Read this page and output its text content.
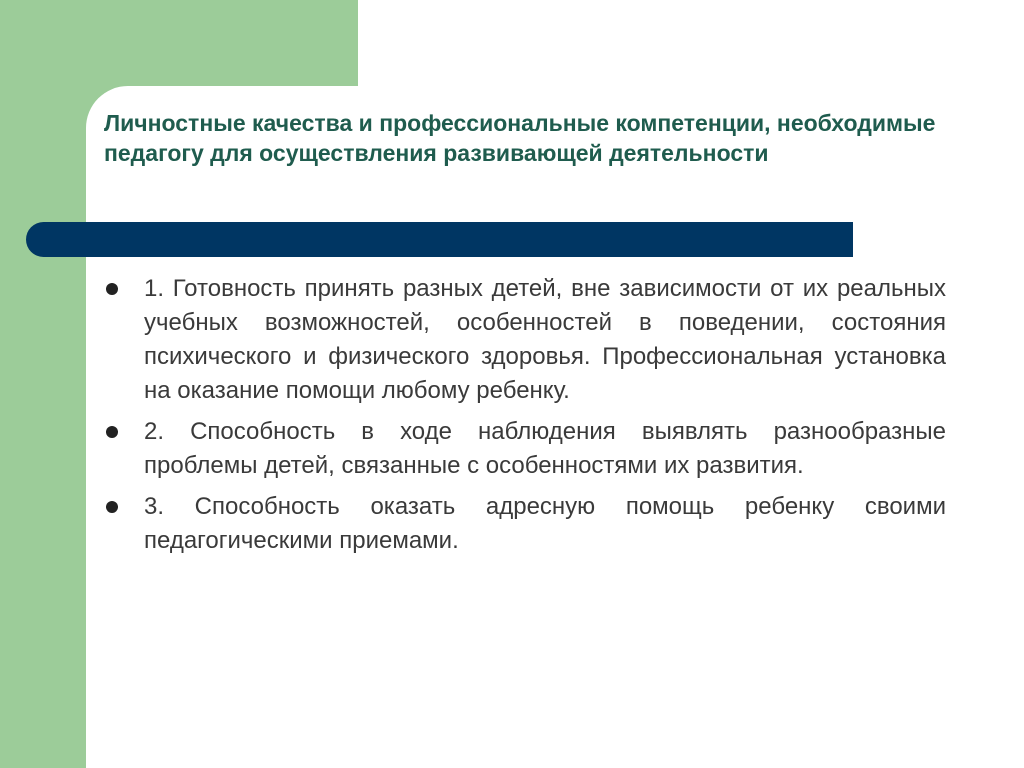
Личностные качества и профессиональные компетенции, необходимые педагогу для осуществления развивающей деятельности
1. Готовность принять разных детей, вне зависимости от их реальных учебных возможностей, особенностей в поведении, состояния психического и физического здоровья. Профессиональная установка на оказание помощи любому ребенку.
2. Способность в ходе наблюдения выявлять разнообразные проблемы детей, связанные с особенностями их развития.
3. Способность оказать адресную помощь ребенку своими педагогическими приемами.
